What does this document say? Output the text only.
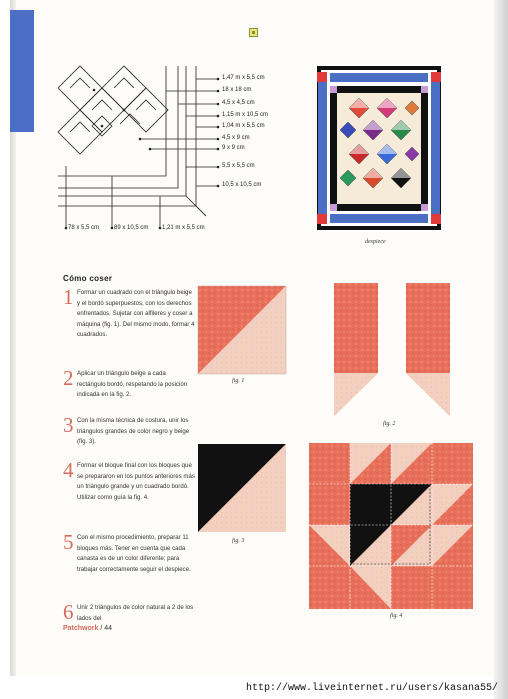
1,47 m x 5,5 cm
18 x 18 cm
4,5 x 4,5 cm
1,15 m x 10,5 cm
1,04 m x 5,5 cm
4,5 x 9 cm
9 x 9 cm
5,5 x 5,5 cm
10,5 x 10,5 cm
78 x 5,5 cm 89 x 10,5 cm 1,21 m x 5,5 cm
despiece
Cómo coser
1 Formar un cuadrado con el triángulo beige y el bordó superpuestos, con los derechos enfrentados. Sujetar con alfileres y coser a máquina (fig. 1). Del mismo modo, formar 4 cuadrados.
2 Aplicar un triángulo beige a cada rectángulo bordó, respetando la posición indicada en la fig. 2.
3 Con la misma técnica de costura, unir los triángulos grandes de color negro y beige (fig. 3).
4 Formar el bloque final con los bloques que se prepararon en los puntos anteriores más un triángulo grande y un cuadrado bordó. Utilizar como guía la fig. 4.
5 Con el mismo procedimiento, preparar 11 bloques más. Tener en cuenta que cada canasta es de un color diferente; para trabajar correctamente seguir el despiece.
6 Unir 2 triángulos de color natural a 2 de los lados del
fig. 1
fig. 2
fig. 3
fig. 4
Patchwork / 44
http://www.liveinternet.ru/users/kasana55/
